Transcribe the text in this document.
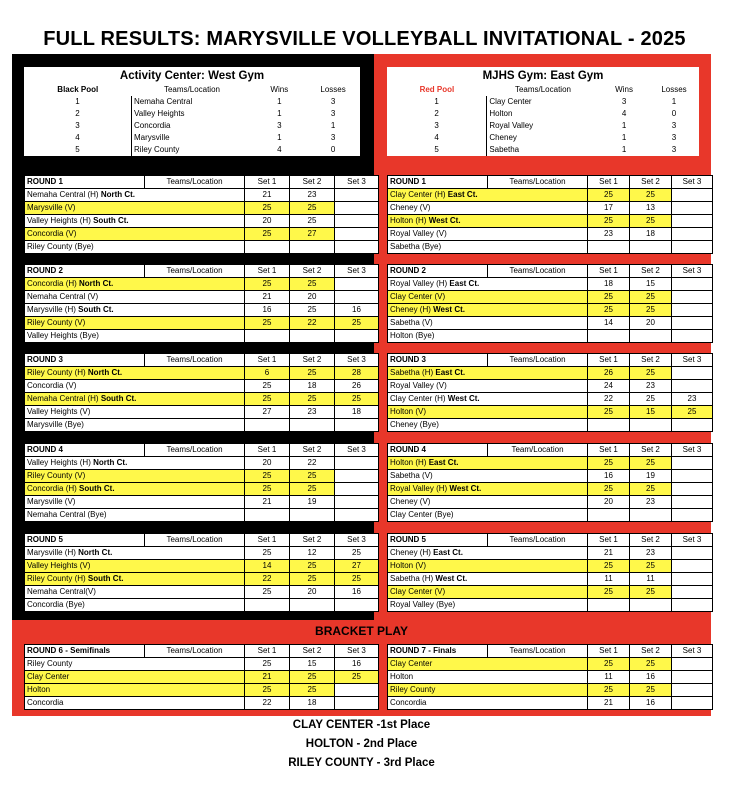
FULL RESULTS: MARYSVILLE VOLLEYBALL INVITATIONAL - 2025
Activity Center: West Gym			
Black Pool	Teams/Location	Wins	Losses
1	Nemaha Central	1	3
2	Valley Heights	1	3
3	Concordia	3	1
4	Marysville	1	3
5	Riley County	4	0
ROUND 1	Teams/Location	Set 1	Set 2	Set 3
Nemaha Central (H) North Ct.		21	23	
Marysville (V)		25	25	
Valley Heights (H) South Ct.		20	25	
Concordia (V)		25	27	
Riley County (Bye)				
ROUND 2	Teams/Location	Set 1	Set 2	Set 3
Concordia (H) North Ct.		25	25	
Nemaha Central (V)		21	20	
Marysville (H) South Ct.		16	25	16
Riley County (V)		25	22	25
Valley Heights (Bye)				
ROUND 3	Teams/Location	Set 1	Set 2	Set 3
Riley County (H) North Ct.		6	25	28
Concordia (V)		25	18	26
Nemaha Central (H) South Ct.		25	25	25
Valley Heights (V)		27	23	18
Marysville (Bye)				
ROUND 4	Teams/Location	Set 1	Set 2	Set 3
Valley Heights (H) North Ct.		20	22	
Riley County (V)		25	25	
Concordia (H) South Ct.		25	25	
Marysville (V)		21	19	
Nemaha Central (Bye)				
ROUND 5	Teams/Location	Set 1	Set 2	Set 3
Marysville (H) North Ct.		25	12	25
Valley Heights (V)		14	25	27
Riley County (H) South Ct.		22	25	25
Nemaha Central(V)		25	20	16
Concordia (Bye)				
MJHS Gym: East Gym			
Red Pool	Teams/Location	Wins	Losses
1	Clay Center	3	1
2	Holton	4	0
3	Royal Valley	1	3
4	Cheney	1	3
5	Sabetha	1	3
ROUND 1	Teams/Location	Set 1	Set 2	Set 3
Clay Center (H) East Ct.		25	25	
Cheney (V)		17	13	
Holton (H) West Ct.		25	25	
Royal Valley (V)		23	18	
Sabetha (Bye)				
ROUND 2	Teams/Location	Set 1	Set 2	Set 3
Royal Valley (H) East Ct.		18	15	
Clay Center (V)		25	25	
Cheney (H) West Ct.		25	25	
Sabetha (V)		14	20	
Holton (Bye)				
ROUND 3	Teams/Location	Set 1	Set 2	Set 3
Sabetha (H) East Ct.		26	25	
Royal Valley (V)		24	23	
Clay Center (H) West Ct.		22	25	23
Holton (V)		25	15	25
Cheney (Bye)				
ROUND 4	Team/Location	Set 1	Set 2	Set 3
Holton (H) East Ct.		25	25	
Sabetha (V)		16	19	
Royal Valley (H) West Ct.		25	25	
Cheney (V)		20	23	
Clay Center (Bye)				
ROUND 5	Teams/Location	Set 1	Set 2	Set 3
Cheney (H) East Ct.		21	23	
Holton (V)		25	25	
Sabetha (H) West Ct.		11	11	
Clay Center (V)		25	25	
Royal Valley (Bye)				
BRACKET PLAY
ROUND 6 - Semifinals	Teams/Location	Set 1	Set 2	Set 3
Riley County		25	15	16
Clay Center		21	25	25
Holton		25	25	
Concordia		22	18	
ROUND 7 - Finals	Teams/Location	Set 1	Set 2	Set 3
Clay Center		25	25	
Holton		11	16	
Riley County		25	25	
Concordia		21	16	
CLAY CENTER -1st Place
HOLTON - 2nd Place
RILEY COUNTY - 3rd Place
